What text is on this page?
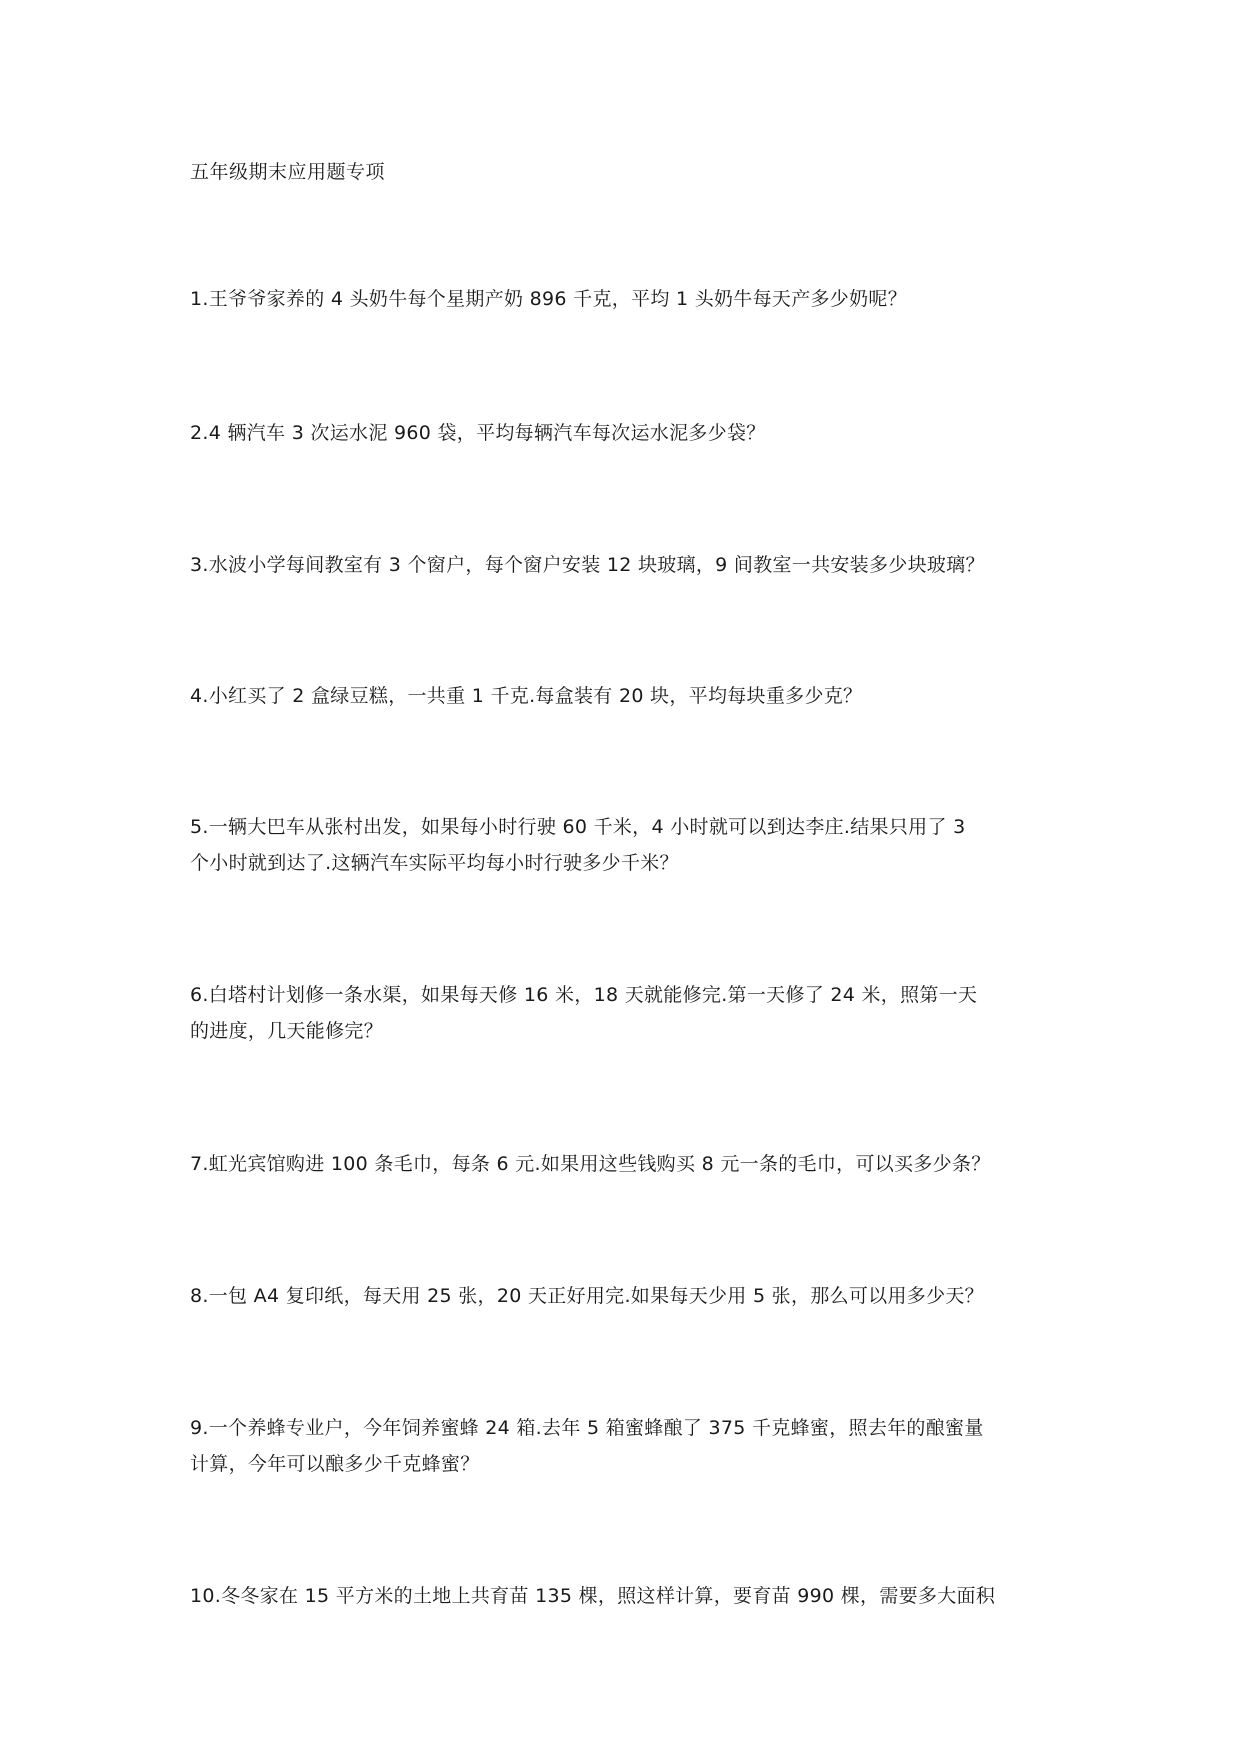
五年级期末应用题专项
1.王爷爷家养的 4 头奶牛每个星期产奶 896 千克，平均 1 头奶牛每天产多少奶呢？
2.4 辆汽车 3 次运水泥 960 袋，平均每辆汽车每次运水泥多少袋？
3.水波小学每间教室有 3 个窗户，每个窗户安装 12 块玻璃，9 间教室一共安装多少块玻璃？
4.小红买了 2 盒绿豆糕，一共重 1 千克.每盒装有 20 块，平均每块重多少克？
5.一辆大巴车从张村出发，如果每小时行驶 60 千米，4 小时就可以到达李庄.结果只用了 3
个小时就到达了.这辆汽车实际平均每小时行驶多少千米？
6.白塔村计划修一条水渠，如果每天修 16 米，18 天就能修完.第一天修了 24 米，照第一天
的进度，几天能修完？
7.虹光宾馆购进 100 条毛巾，每条 6 元.如果用这些钱购买 8 元一条的毛巾，可以买多少条？
8.一包 A4 复印纸，每天用 25 张，20 天正好用完.如果每天少用 5 张，那么可以用多少天？
9.一个养蜂专业户，今年饲养蜜蜂 24 箱.去年 5 箱蜜蜂酿了 375 千克蜂蜜，照去年的酿蜜量
计算，今年可以酿多少千克蜂蜜？
10.冬冬家在 15 平方米的土地上共育苗 135 棵，照这样计算，要育苗 990 棵，需要多大面积
